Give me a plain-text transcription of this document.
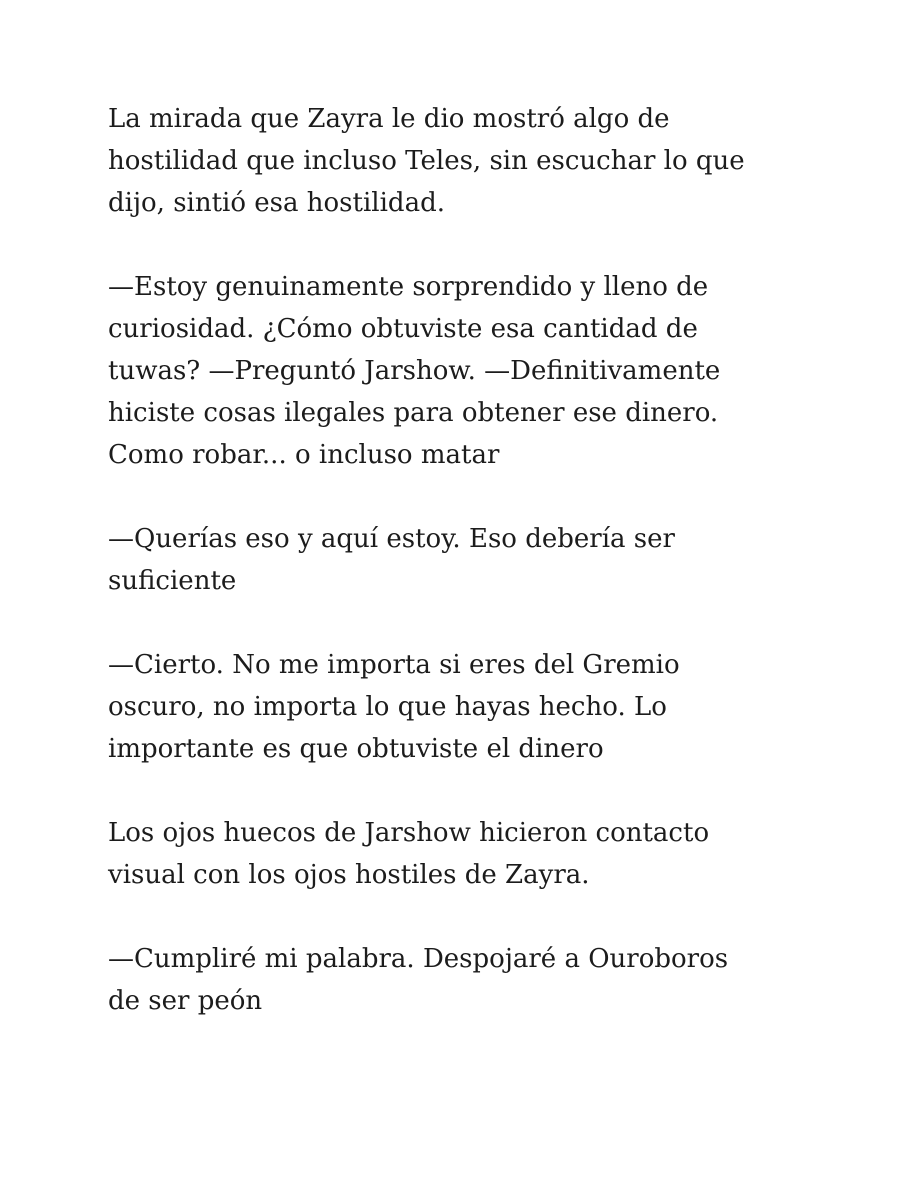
La mirada que Zayra le dio mostró algo de
hostilidad que incluso Teles, sin escuchar lo que
dijo, sintió esa hostilidad.

—Estoy genuinamente sorprendido y lleno de
curiosidad. ¿Cómo obtuviste esa cantidad de
tuwas? —Preguntó Jarshow. —Definitivamente
hiciste cosas ilegales para obtener ese dinero.
Como robar... o incluso matar

—Querías eso y aquí estoy. Eso debería ser
suficiente

—Cierto. No me importa si eres del Gremio
oscuro, no importa lo que hayas hecho. Lo
importante es que obtuviste el dinero

Los ojos huecos de Jarshow hicieron contacto
visual con los ojos hostiles de Zayra.

—Cumpliré mi palabra. Despojaré a Ouroboros
de ser peón
